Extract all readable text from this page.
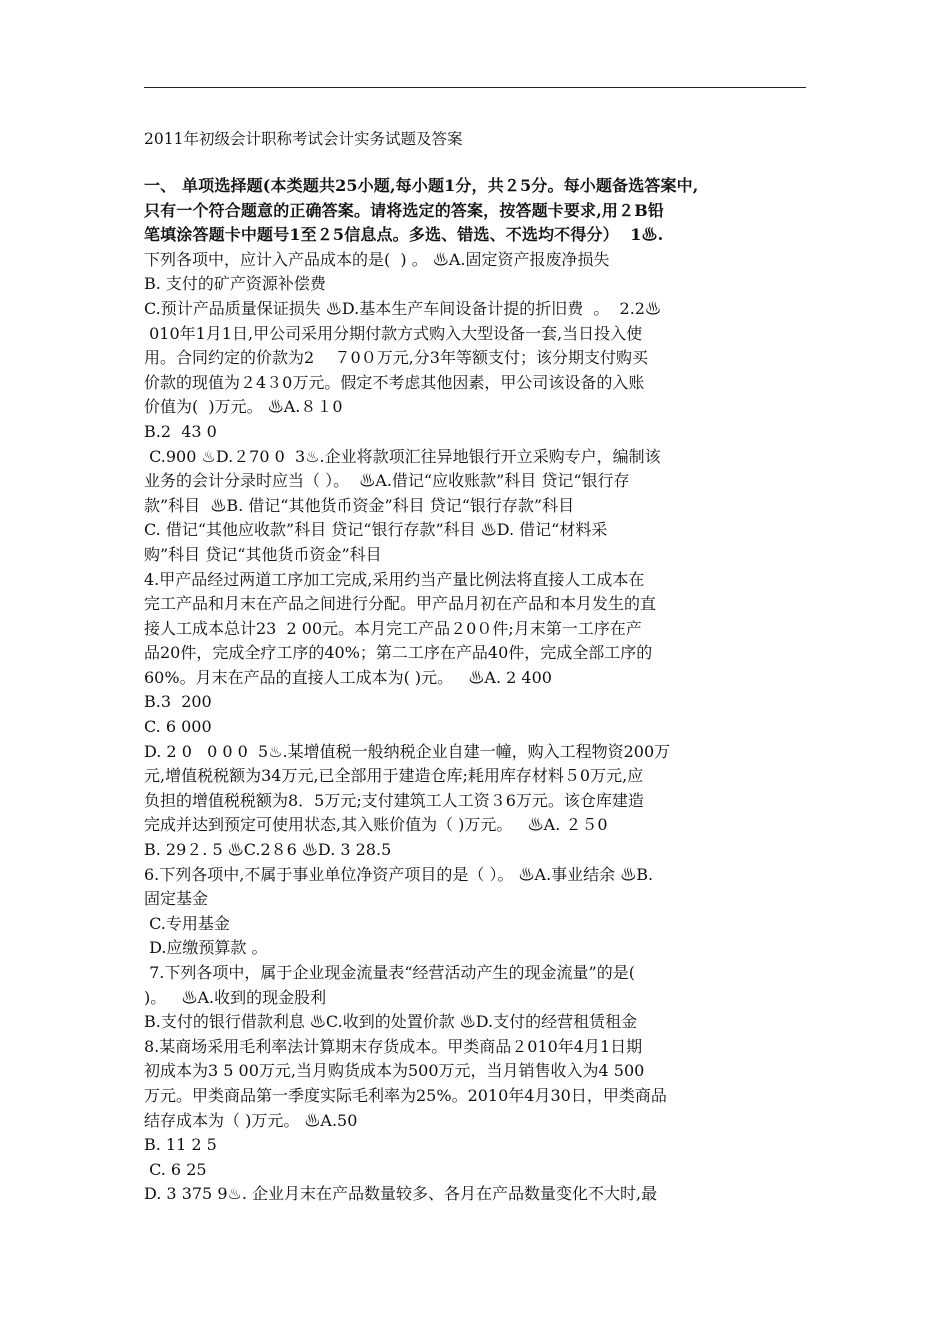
2011年初级会计职称考试会计实务试题及答案
一、 单项选择题(本类题共25小题,每小题1分，共２5分。每小题备选答案中,
只有一个符合题意的正确答案。请将选定的答案，按答题卡要求,用２B铅
笔填涂答题卡中题号1至２5信息点。多选、错选、不选均不得分）  1♨.
下列各项中，应计入产品成本的是(  ) 。 ♨A.固定资产报废净损失
B. 支付的矿产资源补偿费
C.预计产品质量保证损失 ♨D.基本生产车间设备计提的折旧费  。  2.2♨
010年1月1日,甲公司采用分期付款方式购入大型设备一套,当日投入使
用。合同约定的价款为2    ７0０万元,分3年等额支付；该分期支付购买
价款的现值为２4３0万元。假定不考虑其他因素，甲公司该设备的入账
价值为(  )万元。 ♨A.８１0
B.2  43 0
C.900 ♨D.２70 0  3♨.企业将款项汇往异地银行开立采购专户，编制该
业务的会计分录时应当（ ）。  ♨A.借记“应收账款”科目 贷记“银行存
款”科目  ♨B. 借记“其他货币资金”科目 贷记“银行存款”科目
C. 借记“其他应收款”科目 贷记“银行存款”科目 ♨D. 借记“材料采
购”科目 贷记“其他货币资金”科目
4.甲产品经过两道工序加工完成,采用约当产量比例法将直接人工成本在
完工产品和月末在产品之间进行分配。甲产品月初在产品和本月发生的直
接人工成本总计23  2 00元。本月完工产品２0０件;月末第一工序在产
品20件，完成全疗工序的40%；第二工序在产品40件，完成全部工序的
60%。月末在产品的直接人工成本为( )元。   ♨A. 2 400
B.3  200
C. 6 000
D. 2 0   0 0 0  5♨.某增值税一般纳税企业自建一幢，购入工程物资200万
元,增值税税额为34万元,已全部用于建造仓库;耗用库存材料５0万元,应
负担的增值税税额为8．5万元;支付建筑工人工资３6万元。该仓库建造
完成并达到预定可使用状态,其入账价值为（ )万元。   ♨A. ２５0
B. 29２. 5 ♨C.2８6 ♨D. 3 28.5
6.下列各项中,不属于事业单位净资产项目的是（ ）。 ♨A.事业结余 ♨B.
固定基金
C.专用基金
D.应缴预算款 。
7.下列各项中，属于企业现金流量表“经营活动产生的现金流量”的是(
)。   ♨A.收到的现金股利
B.支付的银行借款利息 ♨C.收到的处置价款 ♨D.支付的经营租赁租金
8.某商场采用毛利率法计算期末存货成本。甲类商品２010年4月1日期
初成本为3 5 00万元,当月购货成本为500万元，当月销售收入为4 500
万元。甲类商品第一季度实际毛利率为25%。2010年4月30日，甲类商品
结存成本为（ )万元。 ♨A.50
B. 11 2 5
C. 6 25
D. 3 375 9♨. 企业月末在产品数量较多、各月在产品数量变化不大时,最
